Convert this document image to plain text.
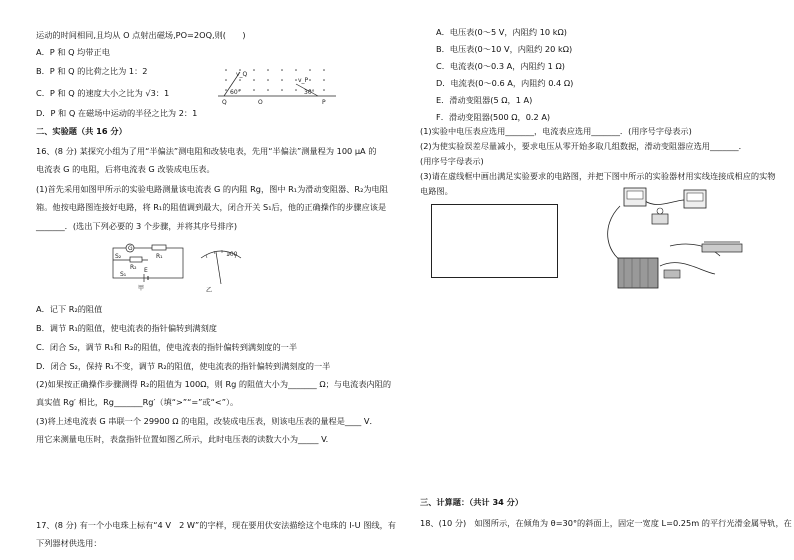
运动的时间相同,且均从 O 点射出磁场,PO=2OQ,则(　　)
A．P 和 Q 均带正电
B．P 和 Q 的比荷之比为 1：2
C．P 和 Q 的速度大小之比为 √3：1
D．P 和 Q 在磁场中运动的半径之比为 2：1
Q	O	P
60°	30°
v_Q
v_P
二、实验题（共 16 分）
16、(8 分) 某探究小组为了用“半偏法”测电阻和改装电表，先用“半偏法”测量程为 100 μA 的
电流表 G 的电阻，后将电流表 G 改装成电压表。
(1)首先采用如图甲所示的实验电路测量该电流表 G 的内阻 Rg，图中 R₁为滑动变阻器、R₂为电阻
箱。他按电路图连接好电路，将 R₁的阻值调到最大，闭合开关 S₁后，他的正确操作的步骤应该是
_______．(选出下列必要的 3 个步骤，并将其序号排序)
G
R₁
R₂
S₂
S₁
E
甲
100
乙
A．记下 R₂的阻值
B．调节 R₁的阻值，使电流表的指针偏转到满刻度
C．闭合 S₂，调节 R₁和 R₂的阻值，使电流表的指针偏转到满刻度的一半
D．闭合 S₂，保持 R₁不变，调节 R₂的阻值，使电流表的指针偏转到满刻度的一半
(2)如果按正确操作步骤测得 R₂的阻值为 100Ω，则 Rg 的阻值大小为_______ Ω；与电流表内阻的
真实值 Rg′ 相比，Rg_______Rg′（填“>”“=”或“<”）。
(3)将上述电流表 G 串联一个 29900 Ω 的电阻，改装成电压表，则该电压表的量程是____ V．
用它来测量电压时，表盘指针位置如图乙所示，此时电压表的读数大小为_____ V.
17、(8 分) 有一个小电珠上标有“4 V　2 W”的字样，现在要用伏安法描绘这个电珠的 I-U 图线，有
下列器材供选用：
A．电压表(0～5 V，内阻约 10 kΩ)
B．电压表(0～10 V，内阻约 20 kΩ)
C．电流表(0～0.3 A，内阻约 1 Ω)
D．电流表(0～0.6 A，内阻约 0.4 Ω)
E．滑动变阻器(5 Ω，1 A)
F．滑动变阻器(500 Ω，0.2 A)
(1)实验中电压表应选用_______，电流表应选用_______．(用序号字母表示)
(2)为使实验误差尽量减小，要求电压从零开始多取几组数据，滑动变阻器应选用_______．
(用序号字母表示)
(3)请在虚线框中画出满足实验要求的电路图，并把下图中所示的实验器材用实线连接成相应的实物
电路图。
三、计算题：（共计 34 分）
18、(10 分)　如图所示，在倾角为 θ=30°的斜面上，固定一宽度 L=0.25m 的平行光滑金属导轨，在
